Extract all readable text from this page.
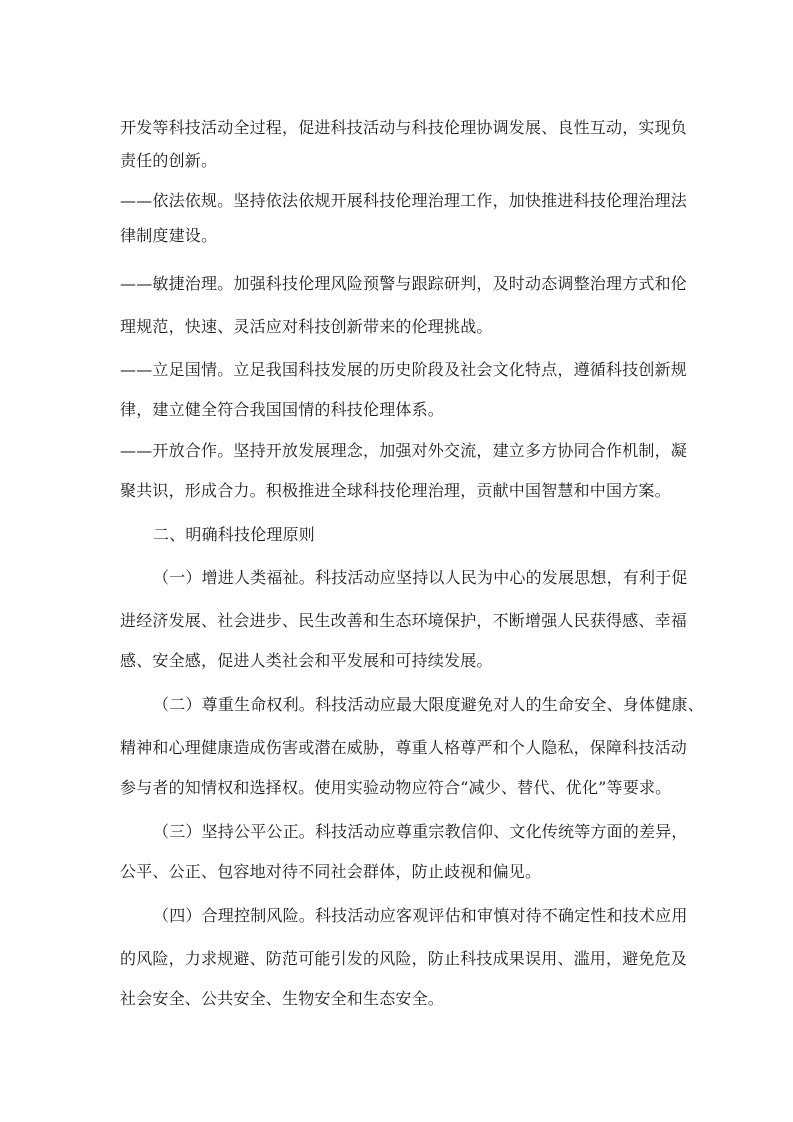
开发等科技活动全过程，促进科技活动与科技伦理协调发展、良性互动，实现负
责任的创新。
——依法依规。坚持依法依规开展科技伦理治理工作，加快推进科技伦理治理法
律制度建设。
——敏捷治理。加强科技伦理风险预警与跟踪研判，及时动态调整治理方式和伦
理规范，快速、灵活应对科技创新带来的伦理挑战。
——立足国情。立足我国科技发展的历史阶段及社会文化特点，遵循科技创新规
律，建立健全符合我国国情的科技伦理体系。
——开放合作。坚持开放发展理念，加强对外交流，建立多方协同合作机制，凝
聚共识，形成合力。积极推进全球科技伦理治理，贡献中国智慧和中国方案。
二、明确科技伦理原则
（一）增进人类福祉。科技活动应坚持以人民为中心的发展思想，有利于促
进经济发展、社会进步、民生改善和生态环境保护，不断增强人民获得感、幸福
感、安全感，促进人类社会和平发展和可持续发展。
（二）尊重生命权利。科技活动应最大限度避免对人的生命安全、身体健康、
精神和心理健康造成伤害或潜在威胁，尊重人格尊严和个人隐私，保障科技活动
参与者的知情权和选择权。使用实验动物应符合“减少、替代、优化”等要求。
（三）坚持公平公正。科技活动应尊重宗教信仰、文化传统等方面的差异，
公平、公正、包容地对待不同社会群体，防止歧视和偏见。
（四）合理控制风险。科技活动应客观评估和审慎对待不确定性和技术应用
的风险，力求规避、防范可能引发的风险，防止科技成果误用、滥用，避免危及
社会安全、公共安全、生物安全和生态安全。
